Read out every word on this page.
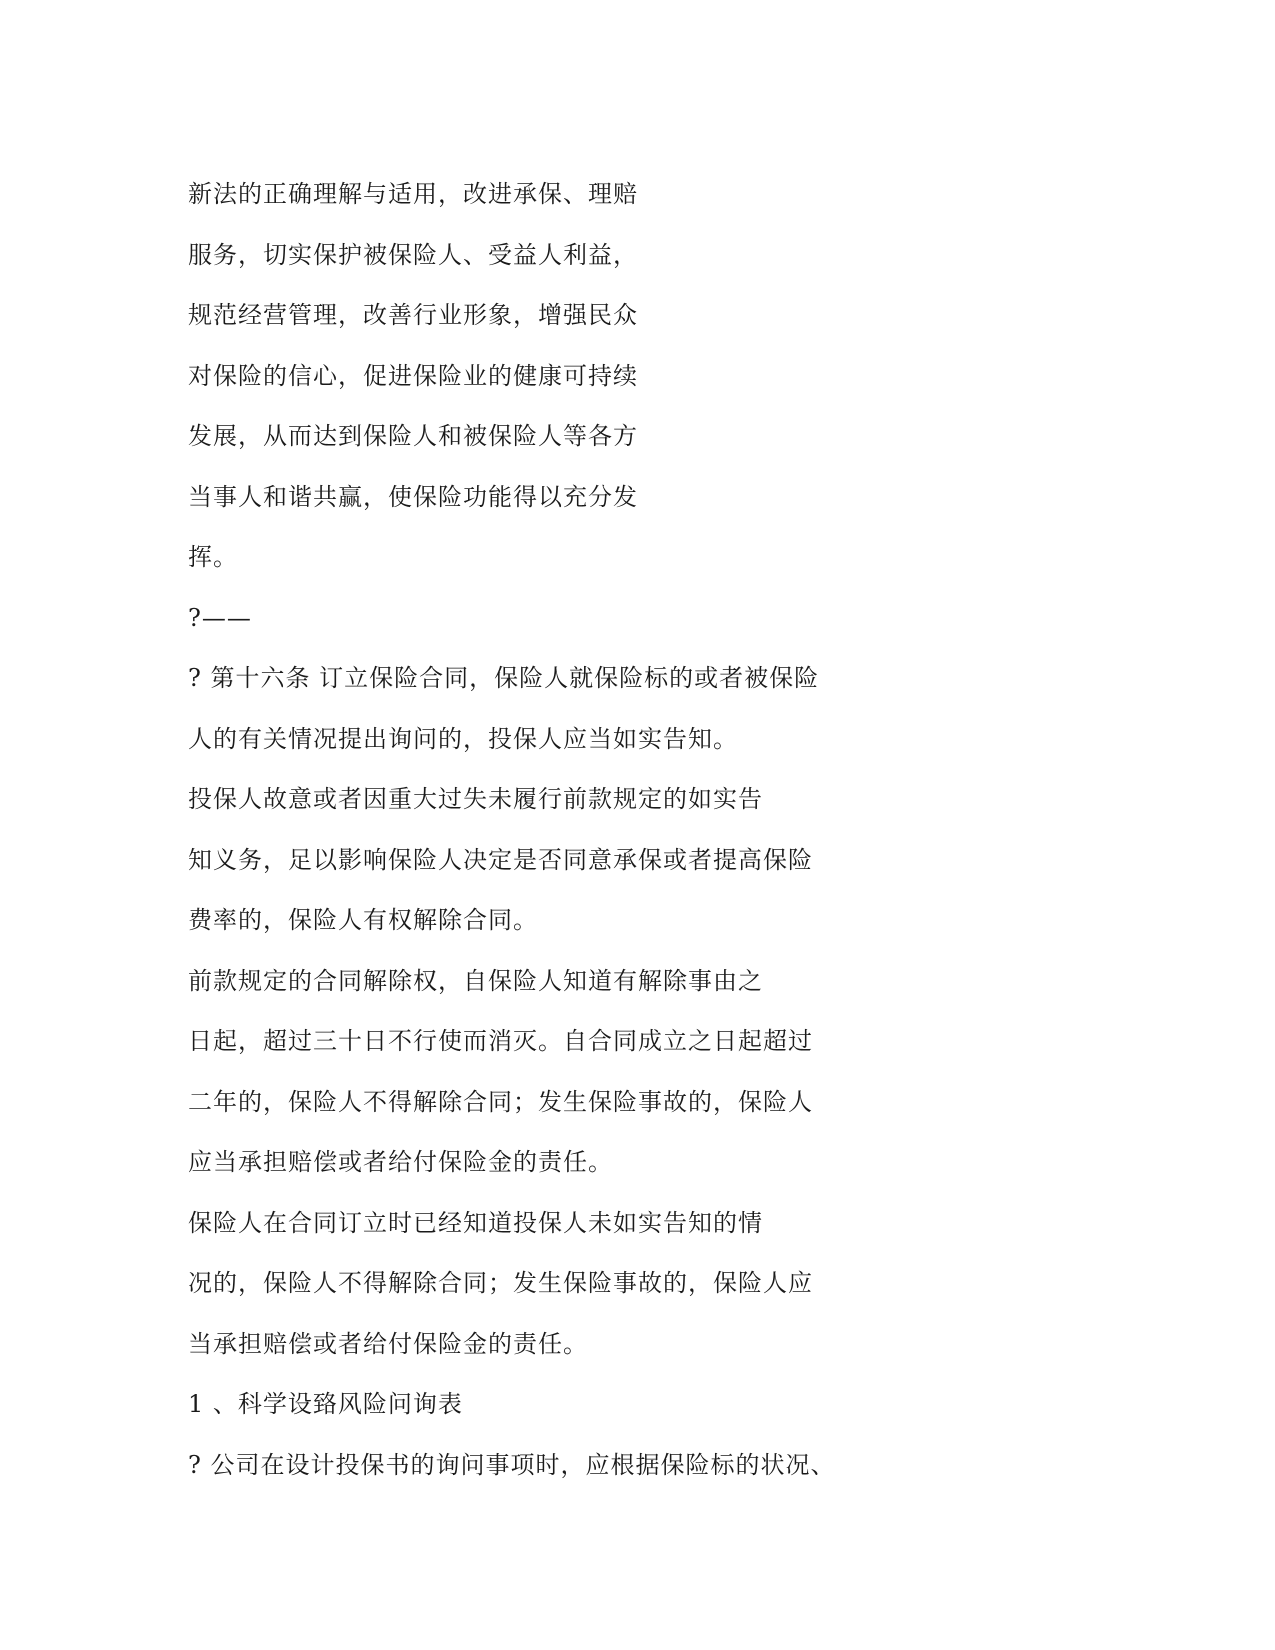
新法的正确理解与适用，改进承保、理赔
服务，切实保护被保险人、受益人利益，
规范经营管理，改善行业形象，增强民众
对保险的信心，促进保险业的健康可持续
发展，从而达到保险人和被保险人等各方
当事人和谐共赢，使保险功能得以充分发
挥。
?——
? 第十六条 订立保险合同，保险人就保险标的或者被保险
人的有关情况提出询问的，投保人应当如实告知。
投保人故意或者因重大过失未履行前款规定的如实告
知义务，足以影响保险人决定是否同意承保或者提高保险
费率的，保险人有权解除合同。
前款规定的合同解除权，自保险人知道有解除事由之
日起，超过三十日不行使而消灭。自合同成立之日起超过
二年的，保险人不得解除合同；发生保险事故的，保险人
应当承担赔偿或者给付保险金的责任。
保险人在合同订立时已经知道投保人未如实告知的情
况的，保险人不得解除合同；发生保险事故的，保险人应
当承担赔偿或者给付保险金的责任。
1 、科学设臵风险问询表
? 公司在设计投保书的询问事项时，应根据保险标的状况、
